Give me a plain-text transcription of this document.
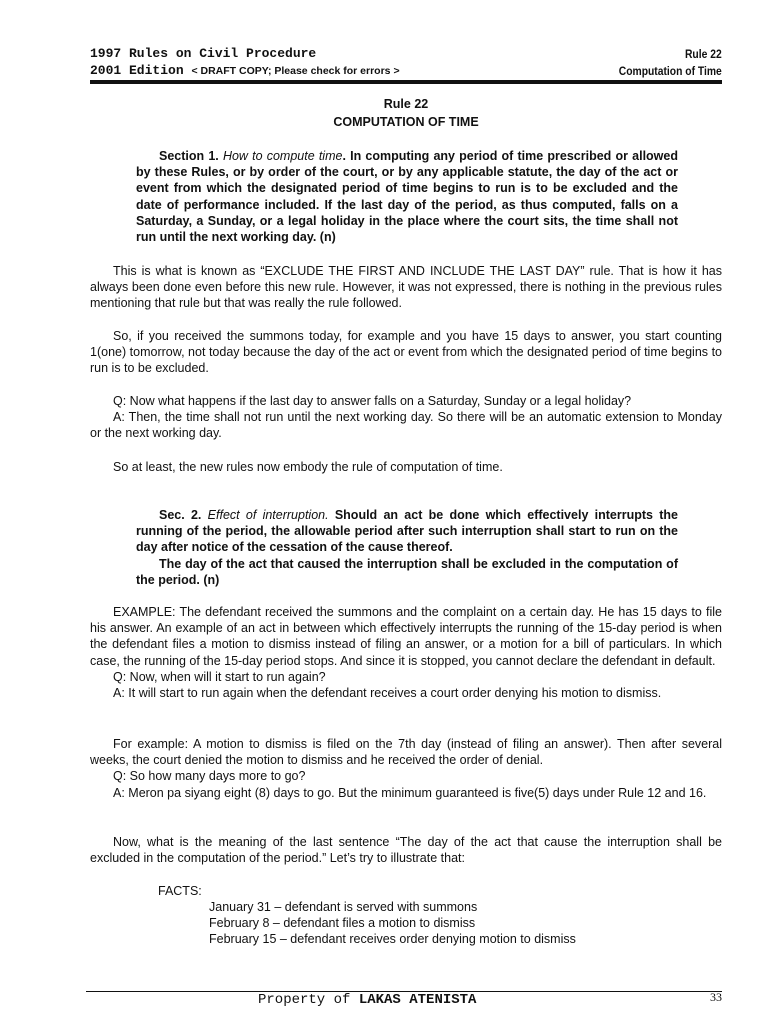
1997 Rules on Civil Procedure
2001 Edition < DRAFT COPY; Please check for errors >
Rule 22
Computation of Time
Rule 22
COMPUTATION OF TIME
Section 1. How to compute time. In computing any period of time prescribed or allowed by these Rules, or by order of the court, or by any applicable statute, the day of the act or event from which the designated period of time begins to run is to be excluded and the date of performance included. If the last day of the period, as thus computed, falls on a Saturday, a Sunday, or a legal holiday in the place where the court sits, the time shall not run until the next working day. (n)
This is what is known as “EXCLUDE THE FIRST AND INCLUDE THE LAST DAY” rule. That is how it has always been done even before this new rule. However, it was not expressed, there is nothing in the previous rules mentioning that rule but that was really the rule followed.
So, if you received the summons today, for example and you have 15 days to answer, you start counting 1(one) tomorrow, not today because the day of the act or event from which the designated period of time begins to run is to be excluded.
Q: Now what happens if the last day to answer falls on a Saturday, Sunday or a legal holiday?
A: Then, the time shall not run until the next working day. So there will be an automatic extension to Monday or the next working day.
So at least, the new rules now embody the rule of computation of time.
Sec. 2. Effect of interruption. Should an act be done which effectively interrupts the running of the period, the allowable period after such interruption shall start to run on the day after notice of the cessation of the cause thereof.
The day of the act that caused the interruption shall be excluded in the computation of the period. (n)
EXAMPLE: The defendant received the summons and the complaint on a certain day. He has 15 days to file his answer. An example of an act in between which effectively interrupts the running of the 15-day period is when the defendant files a motion to dismiss instead of filing an answer, or a motion for a bill of particulars. In which case, the running of the 15-day period stops. And since it is stopped, you cannot declare the defendant in default.
Q: Now, when will it start to run again?
A: It will start to run again when the defendant receives a court order denying his motion to dismiss.
For example: A motion to dismiss is filed on the 7th day (instead of filing an answer). Then after several weeks, the court denied the motion to dismiss and he received the order of denial.
Q: So how many days more to go?
A: Meron pa siyang eight (8) days to go. But the minimum guaranteed is five(5) days under Rule 12 and 16.
Now, what is the meaning of the last sentence “The day of the act that cause the interruption shall be excluded in the computation of the period.” Let’s try to illustrate that:
FACTS:
January 31 – defendant is served with summons
February 8 – defendant files a motion to dismiss
February 15 – defendant receives order denying motion to dismiss
Property of LAKAS ATENISTA	33
